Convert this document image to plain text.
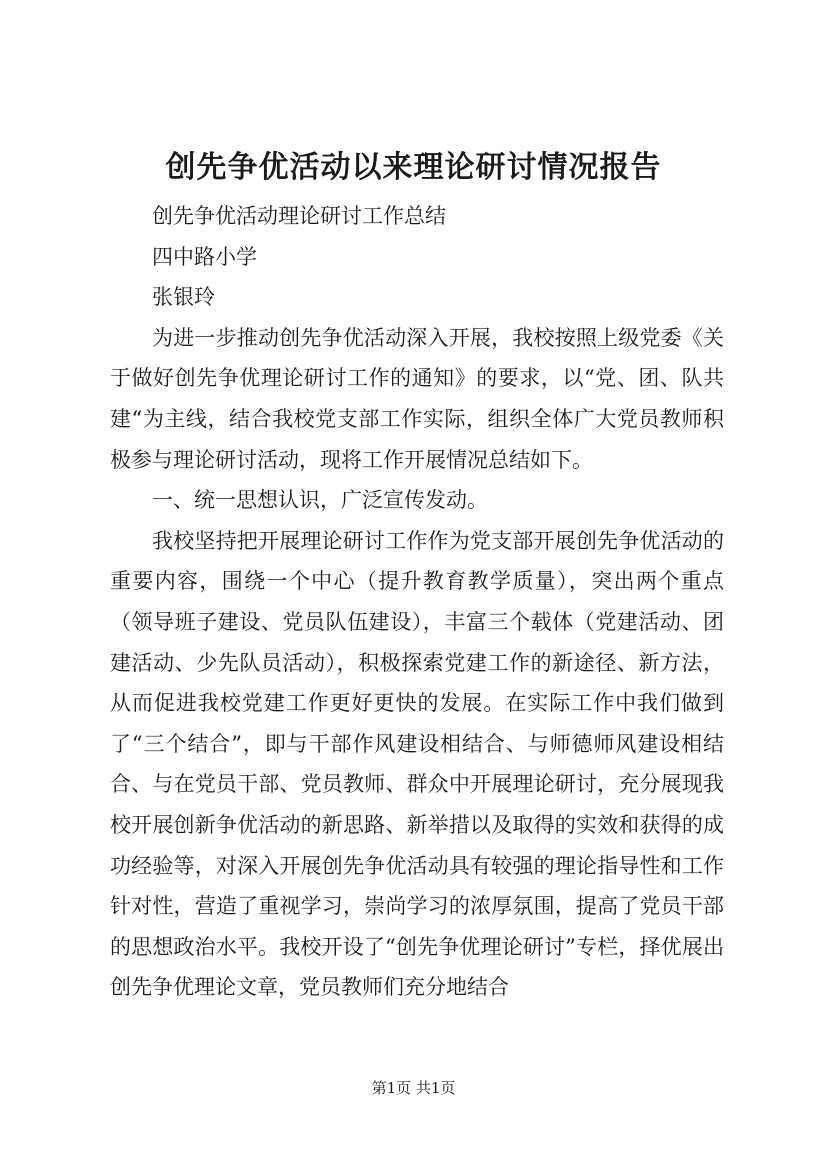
创先争优活动以来理论研讨情况报告

创先争优活动理论研讨工作总结

四中路小学

张银玲

为进一步推动创先争优活动深入开展，我校按照上级党委《关于做好创先争优理论研讨工作的通知》的要求，以“党、团、队共建“为主线，结合我校党支部工作实际，组织全体广大党员教师积极参与理论研讨活动，现将工作开展情况总结如下。

一、统一思想认识，广泛宣传发动。

我校坚持把开展理论研讨工作作为党支部开展创先争优活动的重要内容，围绕一个中心（提升教育教学质量），突出两个重点（领导班子建设、党员队伍建设），丰富三个载体（党建活动、团建活动、少先队员活动），积极探索党建工作的新途径、新方法，从而促进我校党建工作更好更快的发展。在实际工作中我们做到了“三个结合”，即与干部作风建设相结合、与师德师风建设相结合、与在党员干部、党员教师、群众中开展理论研讨，充分展现我校开展创新争优活动的新思路、新举措以及取得的实效和获得的成功经验等，对深入开展创先争优活动具有较强的理论指导性和工作针对性，营造了重视学习，崇尚学习的浓厚氛围，提高了党员干部的思想政治水平。我校开设了“创先争优理论研讨”专栏，择优展出创先争优理论文章，党员教师们充分地结合

第1页 共1页
